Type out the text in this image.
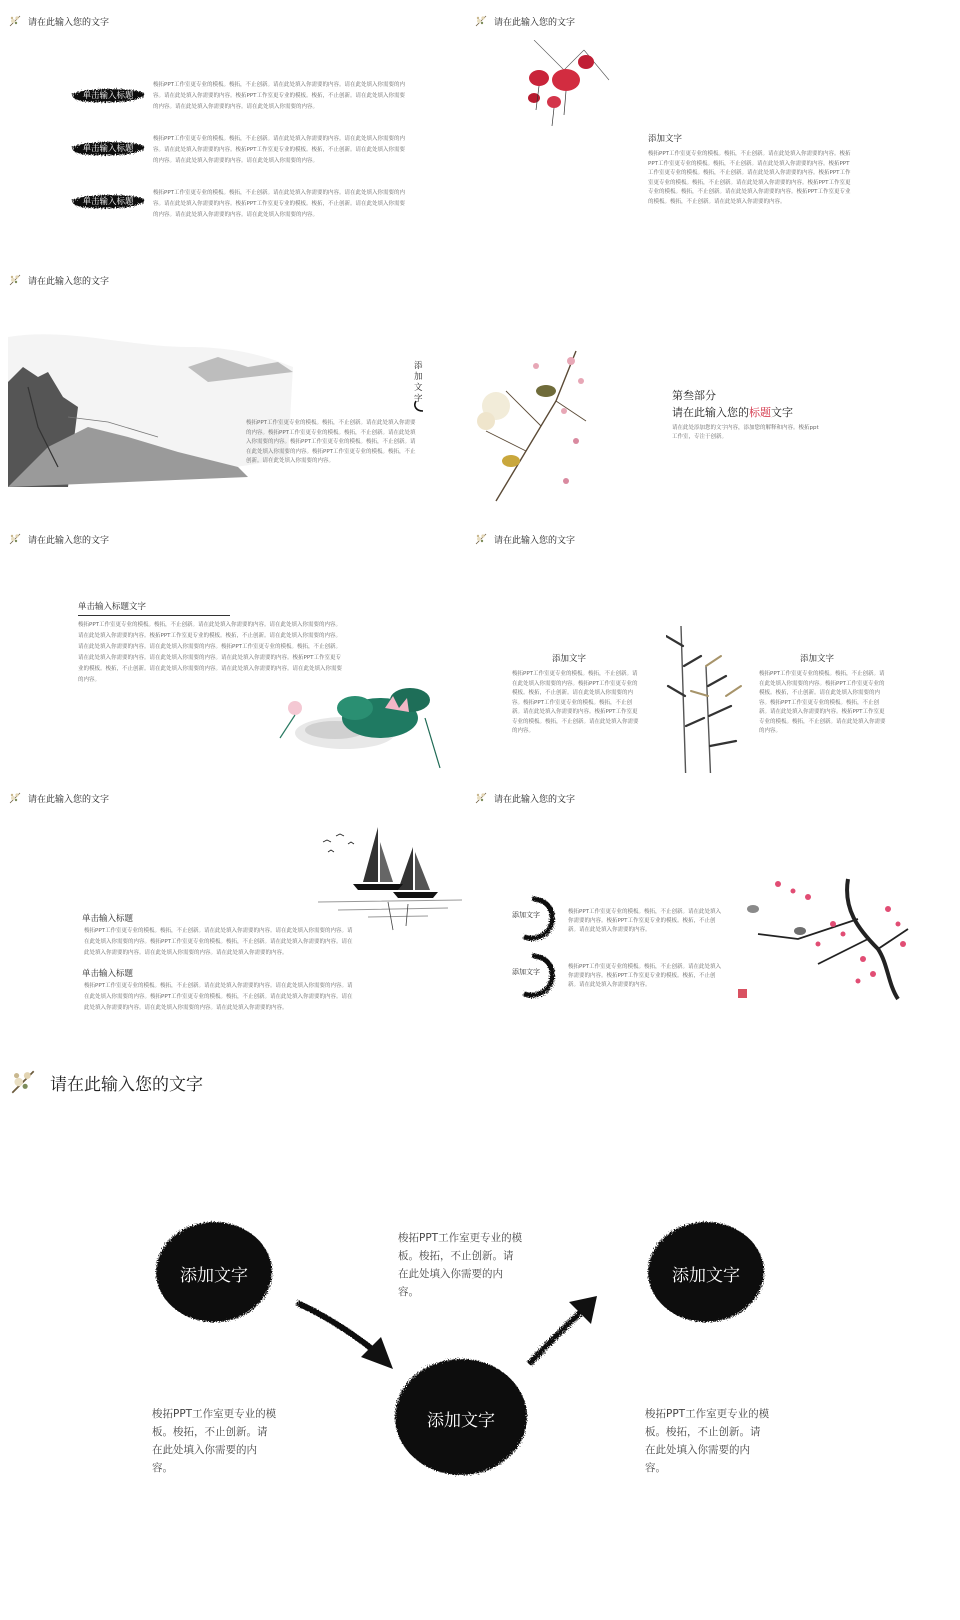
请在此输入您的文字
单击输入标题
梭拓PPT工作室更专业的模板。梭拓，不止创新。请在此处填入你需要的内容。请在此处填入你需要的内容。请在此处填入你需要的内容。梭拓PPT工作室更专业的模板。梭拓，不止创新。请在此处填入你需要的内容。请在此处填入你需要的内容。请在此处填入你需要的内容。
单击输入标题
梭拓PPT工作室更专业的模板。梭拓，不止创新。请在此处填入你需要的内容。请在此处填入你需要的内容。请在此处填入你需要的内容。梭拓PPT工作室更专业的模板。梭拓，不止创新。请在此处填入你需要的内容。请在此处填入你需要的内容。请在此处填入你需要的内容。
单击输入标题
梭拓PPT工作室更专业的模板。梭拓，不止创新。请在此处填入你需要的内容。请在此处填入你需要的内容。请在此处填入你需要的内容。梭拓PPT工作室更专业的模板。梭拓，不止创新。请在此处填入你需要的内容。请在此处填入你需要的内容。请在此处填入你需要的内容。
请在此输入您的文字
添加文字
梭拓PPT工作室更专业的模板。梭拓，不止创新。请在此处填入你需要的内容。梭拓PPT工作室更专业的模板。梭拓，不止创新。请在此处填入你需要的内容。梭拓PPT工作室更专业的模板。梭拓，不止创新。请在此处填入你需要的内容。梭拓PPT工作室更专业的模板。梭拓，不止创新。请在此处填入你需要的内容。梭拓PPT工作室更专业的模板。梭拓，不止创新。请在此处填入你需要的内容。梭拓PPT工作室更专业的模板。梭拓，不止创新。请在此处填入你需要的内容。
请在此输入您的文字
添加文字
梭拓PPT工作室更专业的模板。梭拓，不止创新。请在此处填入你需要的内容。梭拓PPT工作室更专业的模板。梭拓，不止创新。请在此处填入你需要的内容。梭拓PPT工作室更专业的模板。梭拓，不止创新。请在此处填入你需要的内容。梭拓PPT工作室更专业的模板。梭拓，不止创新。请在此处填入你需要的内容。
第叁部分
请在此输入您的标题文字
请在此处添加您的文字内容，添加您的解释和内容。梭拓ppt工作室，专注于创新。
请在此输入您的文字
单击输入标题文字
梭拓PPT工作室更专业的模板。梭拓，不止创新。请在此处填入你需要的内容。请在此处填入你需要的内容。请在此处填入你需要的内容。梭拓PPT工作室更专业的模板。梭拓，不止创新。请在此处填入你需要的内容。请在此处填入你需要的内容。请在此处填入你需要的内容。梭拓PPT工作室更专业的模板。梭拓，不止创新。请在此处填入你需要的内容。请在此处填入你需要的内容。请在此处填入你需要的内容。梭拓PPT工作室更专业的模板。梭拓，不止创新。请在此处填入你需要的内容。请在此处填入你需要的内容。请在此处填入你需要的内容。
请在此输入您的文字
添加文字
梭拓PPT工作室更专业的模板。梭拓，不止创新。请在此处填入你需要的内容。梭拓PPT工作室更专业的模板。梭拓，不止创新。请在此处填入你需要的内容。梭拓PPT工作室更专业的模板。梭拓，不止创新。请在此处填入你需要的内容。梭拓PPT工作室更专业的模板。梭拓，不止创新。请在此处填入你需要的内容。
添加文字
梭拓PPT工作室更专业的模板。梭拓，不止创新。请在此处填入你需要的内容。梭拓PPT工作室更专业的模板。梭拓，不止创新。请在此处填入你需要的内容。梭拓PPT工作室更专业的模板。梭拓，不止创新。请在此处填入你需要的内容。梭拓PPT工作室更专业的模板。梭拓，不止创新。请在此处填入你需要的内容。
请在此输入您的文字
单击输入标题
梭拓PPT工作室更专业的模板。梭拓，不止创新。请在此处填入你需要的内容。请在此处填入你需要的内容。请在此处填入你需要的内容。梭拓PPT工作室更专业的模板。梭拓，不止创新。请在此处填入你需要的内容。请在此处填入你需要的内容。请在此处填入你需要的内容。请在此处填入你需要的内容。
单击输入标题
梭拓PPT工作室更专业的模板。梭拓，不止创新。请在此处填入你需要的内容。请在此处填入你需要的内容。请在此处填入你需要的内容。梭拓PPT工作室更专业的模板。梭拓，不止创新。请在此处填入你需要的内容。请在此处填入你需要的内容。请在此处填入你需要的内容。请在此处填入你需要的内容。
请在此输入您的文字
添加文字	梭拓PPT工作室更专业的模板。梭拓，不止创新。请在此处填入你需要的内容。梭拓PPT工作室更专业的模板。梭拓，不止创新。请在此处填入你需要的内容。
添加文字
梭拓PPT工作室更专业的模板。梭拓，不止创新。请在此处填入你需要的内容。梭拓PPT工作室更专业的模板。梭拓，不止创新。请在此处填入你需要的内容。
请在此输入您的文字
添加文字	添加文字
添加文字
梭拓PPT工作室更专业的模板。梭拓，不止创新。请在此处填入你需要的内容。
梭拓PPT工作室更专业的模板。梭拓，不止创新。请在此处填入你需要的内容。
梭拓PPT工作室更专业的模板。梭拓，不止创新。请在此处填入你需要的内容。
